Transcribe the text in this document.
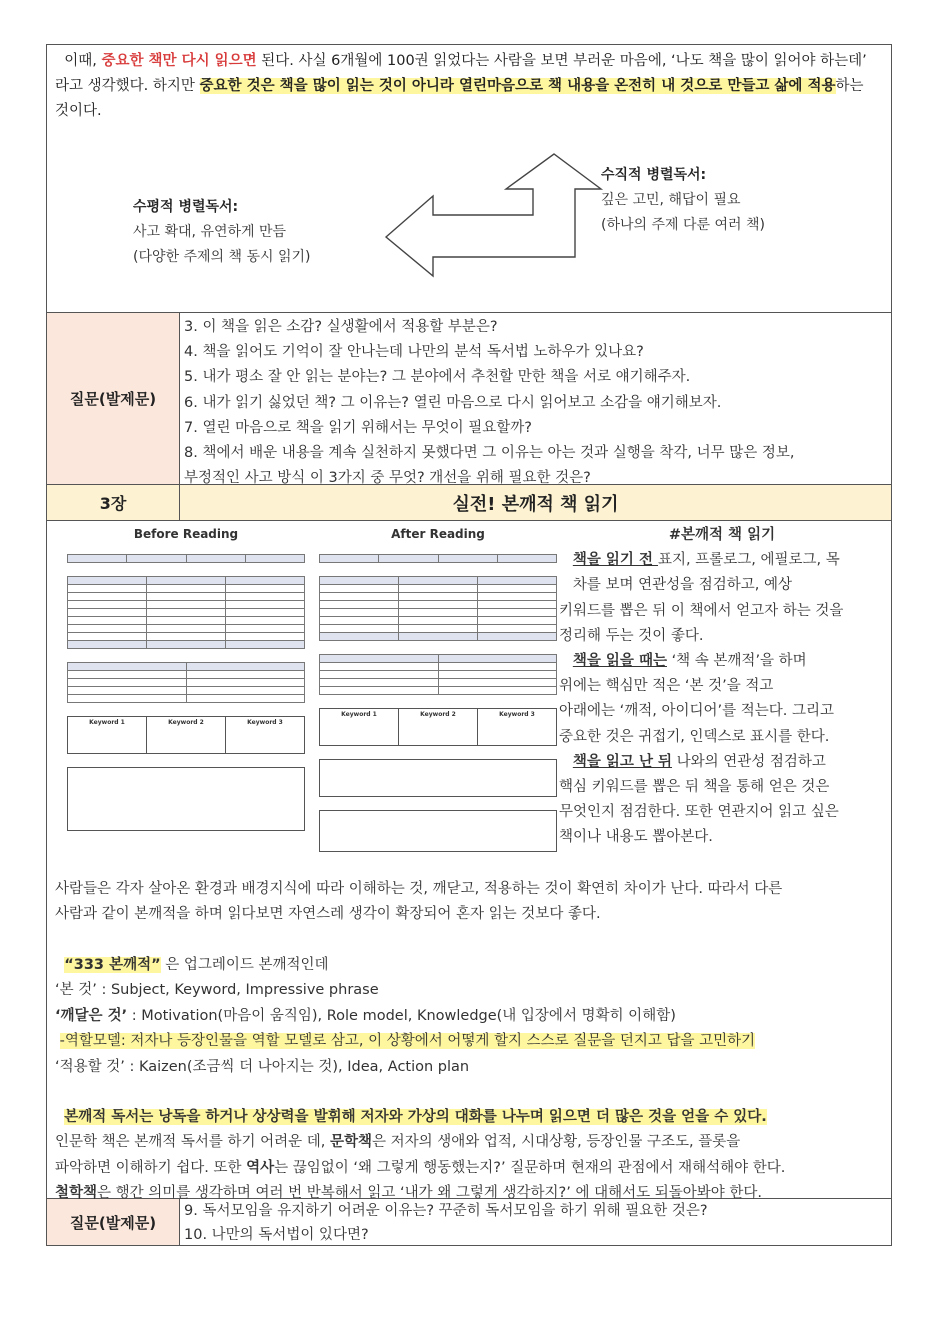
이때, 중요한 책만 다시 읽으면 된다. 사실 6개월에 100권 읽었다는 사람을 보면 부러운 마음에, ‘나도 책을 많이 읽어야 하는데’ 라고 생각했다. 하지만 중요한 것은 책을 많이 읽는 것이 아니라 열린마음으로 책 내용을 온전히 내 것으로 만들고 삶에 적용하는 것이다.
수평적 병렬독서:
사고 확대, 유연하게 만듬
(다양한 주제의 책 동시 읽기)
수직적 병렬독서:
깊은 고민, 해답이 필요
(하나의 주제 다룬 여러 책)
질문(발제문)
3. 이 책을 읽은 소감? 실생활에서 적용할 부분은?
4. 책을 읽어도 기억이 잘 안나는데 나만의 분석 독서법 노하우가 있나요?
5. 내가 평소 잘 안 읽는 분야는? 그 분야에서 추천할 만한 책을 서로 얘기해주자.
6. 내가 읽기 싫었던 책? 그 이유는? 열린 마음으로 다시 읽어보고 소감을 얘기해보자.
7. 열린 마음으로 책을 읽기 위해서는 무엇이 필요할까?
8. 책에서 배운 내용을 계속 실천하지 못했다면 그 이유는 아는 것과 실행을 착각, 너무 많은 정보,
부정적인 사고 방식 이 3가지 중 무엇? 개선을 위해 필요한 것은?
3장	실전! 본깨적 책 읽기
Before Reading

Keyword 1	Keyword 2	Keyword 3

After Reading

Keyword 1	Keyword 2	Keyword 3

#본깨적 책 읽기
책을 읽기 전 표지, 프롤로그, 에필로그, 목
차를 보며 연관성을 점검하고, 예상
키워드를 뽑은 뒤 이 책에서 얻고자 하는 것을
정리해 두는 것이 좋다.
책을 읽을 때는 ‘책 속 본깨적’을 하며
위에는 핵심만 적은 ‘본 것’을 적고
아래에는 ‘깨적, 아이디어’를 적는다. 그리고
중요한 것은 귀접기, 인덱스로 표시를 한다.
책을 읽고 난 뒤 나와의 연관성 점검하고
핵심 키워드를 뽑은 뒤 책을 통해 얻은 것은
무엇인지 점검한다. 또한 연관지어 읽고 싶은
책이나 내용도 뽑아본다.
사람들은 각자 살아온 환경과 배경지식에 따라 이해하는 것, 깨닫고, 적용하는 것이 확연히 차이가 난다. 따라서 다른
사람과 같이 본깨적을 하며 읽다보면 자연스레 생각이 확장되어 혼자 읽는 것보다 좋다.
“333 본깨적” 은 업그레이드 본깨적인데
‘본 것’ : Subject, Keyword, Impressive phrase
‘깨달은 것’ : Motivation(마음이 움직임), Role model, Knowledge(내 입장에서 명확히 이해함)
-역할모델: 저자나 등장인물을 역할 모델로 삼고, 이 상황에서 어떻게 할지 스스로 질문을 던지고 답을 고민하기
‘적용할 것’ : Kaizen(조금씩 더 나아지는 것), Idea, Action plan
본깨적 독서는 낭독을 하거나 상상력을 발휘해 저자와 가상의 대화를 나누며 읽으면 더 많은 것을 얻을 수 있다.
인문학 책은 본깨적 독서를 하기 어려운 데, 문학책은 저자의 생애와 업적, 시대상황, 등장인물 구조도, 플롯을
파악하면 이해하기 쉽다. 또한 역사는 끊임없이 ‘왜 그렇게 행동했는지?’ 질문하며 현재의 관점에서 재해석해야 한다.
철학책은 행간 의미를 생각하며 여러 번 반복해서 읽고 ‘내가 왜 그렇게 생각하지?’ 에 대해서도 되돌아봐야 한다.
질문(발제문)
9. 독서모임을 유지하기 어려운 이유는? 꾸준히 독서모임을 하기 위해 필요한 것은?
10. 나만의 독서법이 있다면?
